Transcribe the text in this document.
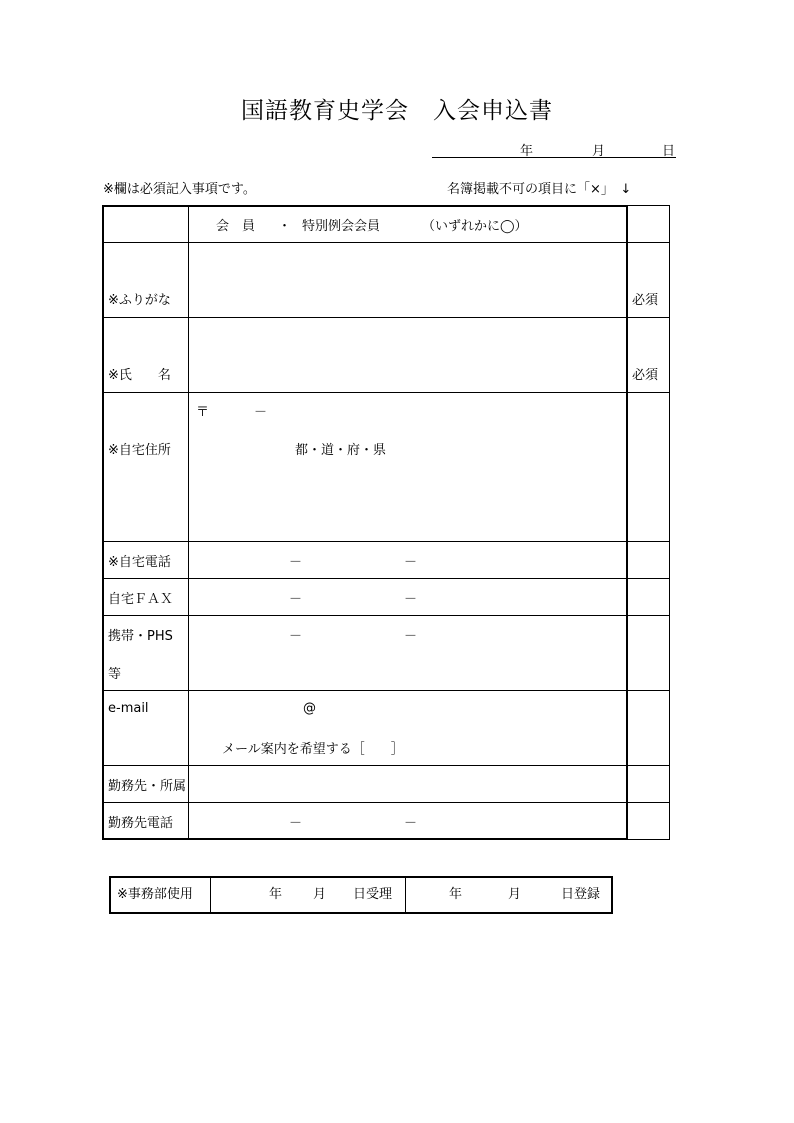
国語教育史学会　入会申込書
年	月	日
※欄は必須記入事項です。	名簿掲載不可の項目に「×」　↓
会　員 ・ 特別例会会員	（いずれかに◯）
※ふりがな	必須
※氏　　名	必須
※自宅住所
〒	－
都・道・府・県
※自宅電話	－	－
自宅ＦＡＸ	－	－
携帯・PHS
等
－	－
e-mail	@
メール案内を希望する［　　］
勤務先・所属
勤務先電話	－	－
※事務部使用	年 月 日受理	年	月	日登録
